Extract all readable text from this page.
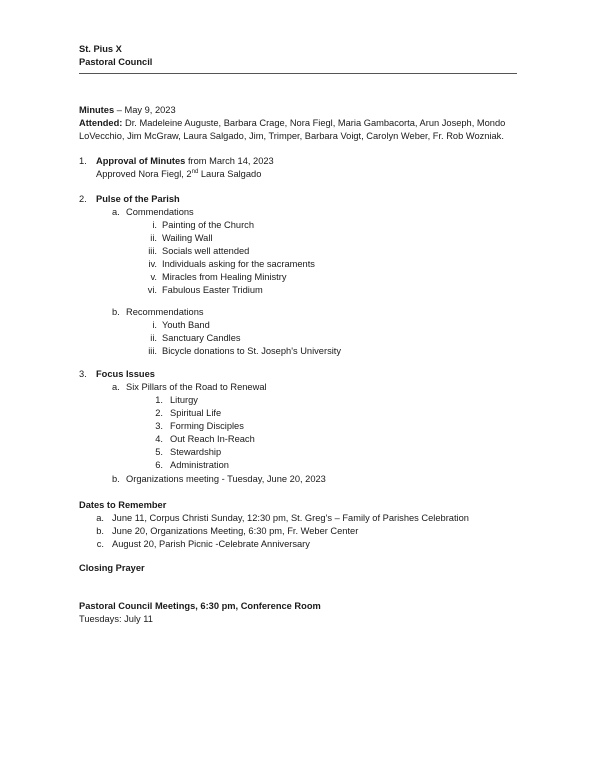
St. Pius X
Pastoral Council
Minutes – May 9, 2023
Attended: Dr. Madeleine Auguste, Barbara Crage, Nora Fiegl, Maria Gambacorta, Arun Joseph, Mondo
LoVecchio, Jim McGraw, Laura Salgado, Jim, Trimper, Barbara Voigt, Carolyn Weber, Fr. Rob Wozniak.
1. Approval of Minutes from March 14, 2023
Approved Nora Fiegl, 2nd Laura Salgado
2. Pulse of the Parish
a. Commendations
i. Painting of the Church
ii. Wailing Wall
iii. Socials well attended
iv. Individuals asking for the sacraments
v. Miracles from Healing Ministry
vi. Fabulous Easter Tridium
b. Recommendations
i. Youth Band
ii. Sanctuary Candles
iii. Bicycle donations to St. Joseph's University
3. Focus Issues
a. Six Pillars of the Road to Renewal
1. Liturgy
2. Spiritual Life
3. Forming Disciples
4. Out Reach In-Reach
5. Stewardship
6. Administration
b. Organizations meeting - Tuesday, June 20, 2023
Dates to Remember
a. June 11, Corpus Christi Sunday, 12:30 pm, St. Greg's – Family of Parishes Celebration
b. June 20, Organizations Meeting, 6:30 pm, Fr. Weber Center
c. August 20, Parish Picnic -Celebrate Anniversary
Closing Prayer
Pastoral Council Meetings, 6:30 pm, Conference Room
Tuesdays: July 11
